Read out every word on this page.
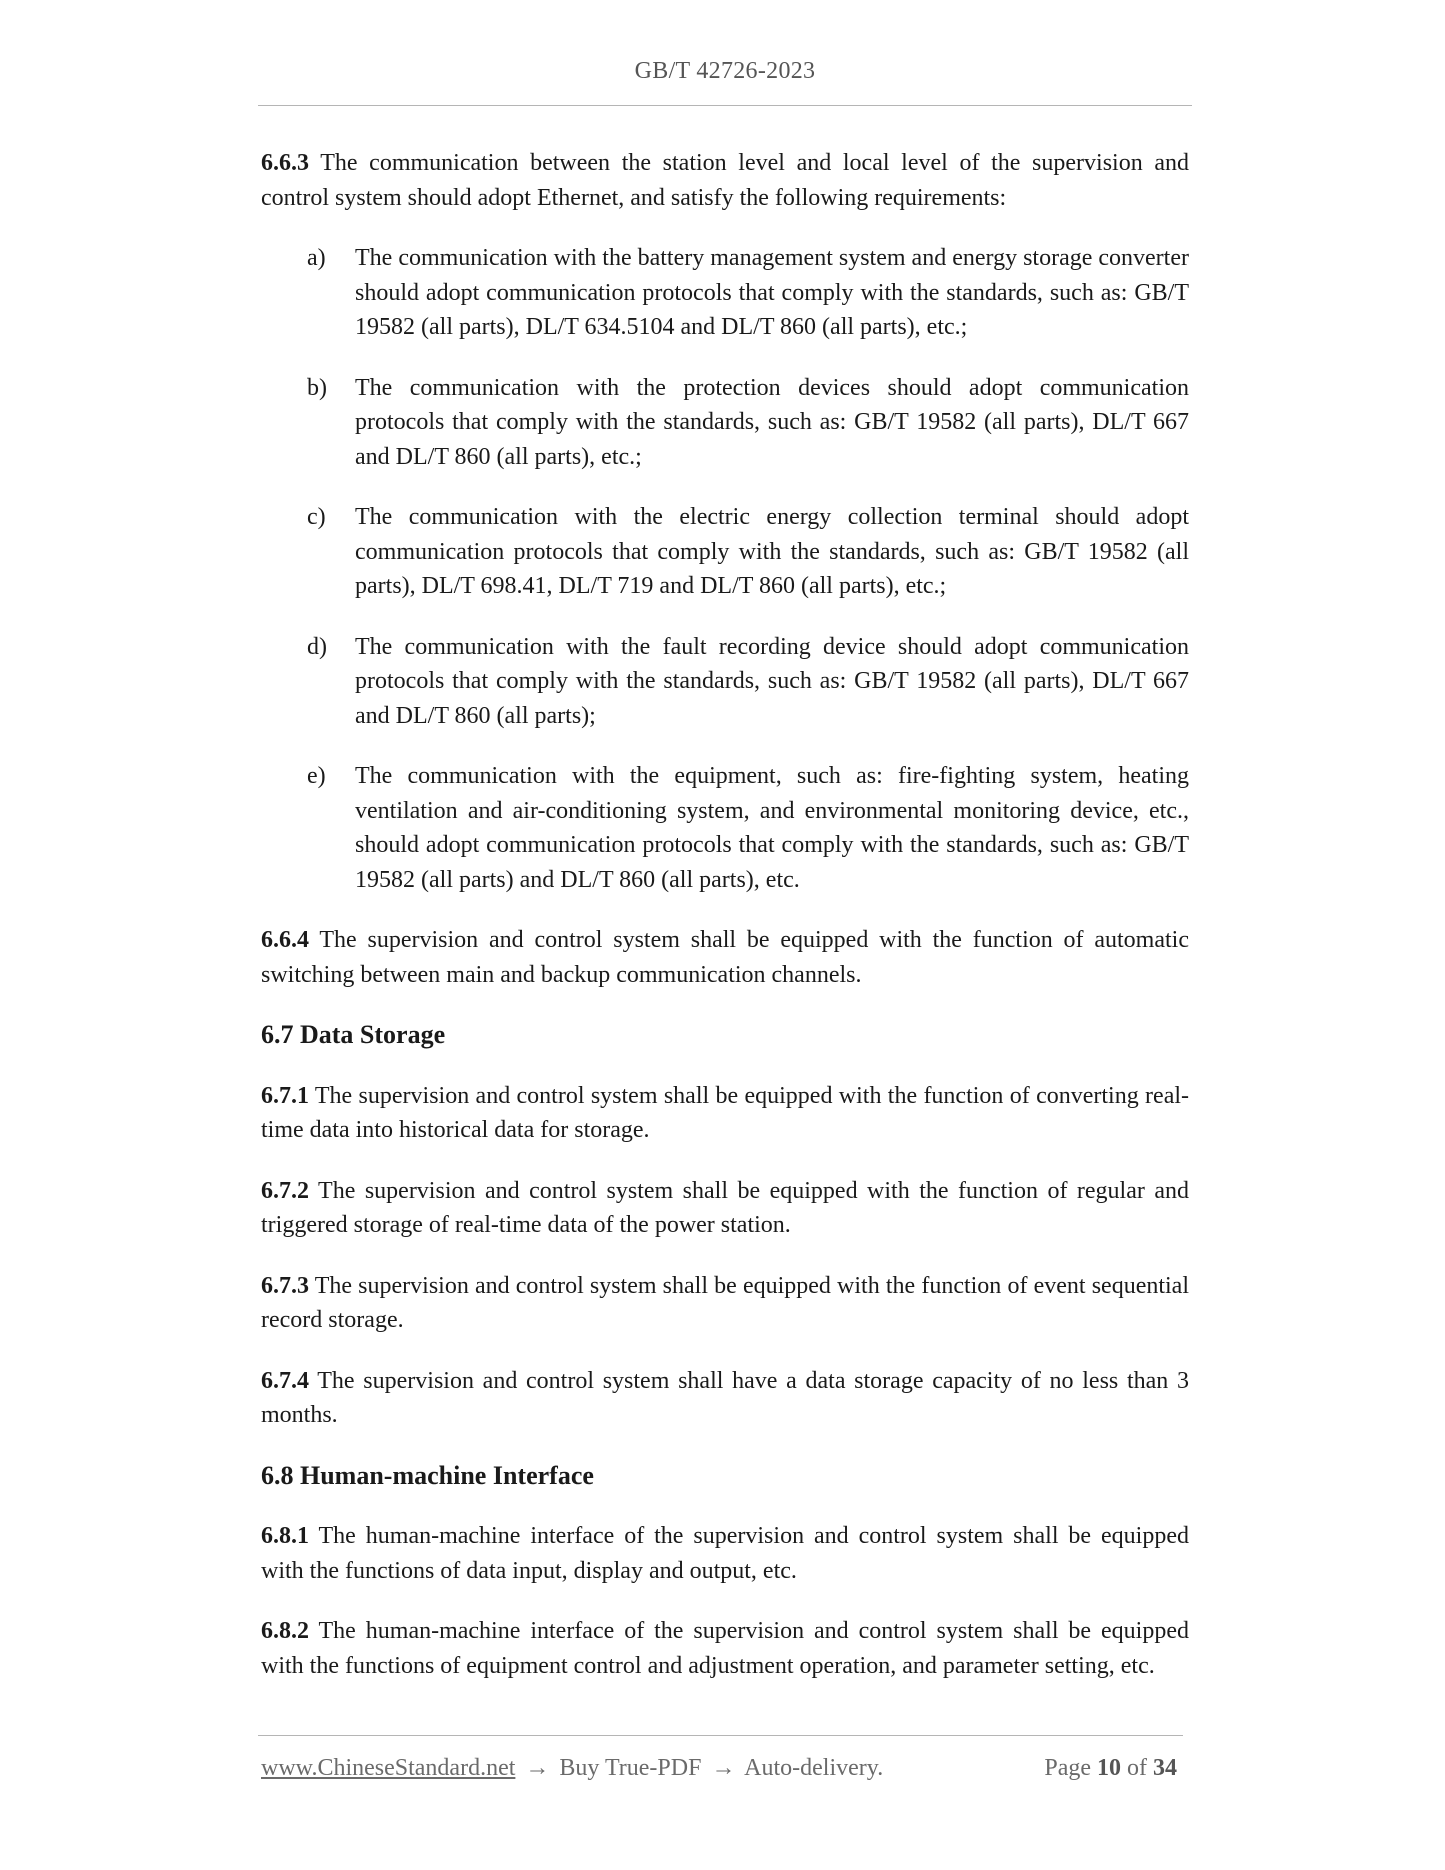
GB/T 42726-2023

6.6.3 The communication between the station level and local level of the supervision and control system should adopt Ethernet, and satisfy the following requirements:

a)	The communication with the battery management system and energy storage converter should adopt communication protocols that comply with the standards, such as: GB/T 19582 (all parts), DL/T 634.5104 and DL/T 860 (all parts), etc.;
b)	The communication with the protection devices should adopt communication protocols that comply with the standards, such as: GB/T 19582 (all parts), DL/T 667 and DL/T 860 (all parts), etc.;
c)	The communication with the electric energy collection terminal should adopt communication protocols that comply with the standards, such as: GB/T 19582 (all parts), DL/T 698.41, DL/T 719 and DL/T 860 (all parts), etc.;
d)	The communication with the fault recording device should adopt communication protocols that comply with the standards, such as: GB/T 19582 (all parts), DL/T 667 and DL/T 860 (all parts);
e)	The communication with the equipment, such as: fire-fighting system, heating ventilation and air-conditioning system, and environmental monitoring device, etc., should adopt communication protocols that comply with the standards, such as: GB/T 19582 (all parts) and DL/T 860 (all parts), etc.

6.6.4 The supervision and control system shall be equipped with the function of automatic switching between main and backup communication channels.

6.7 Data Storage

6.7.1 The supervision and control system shall be equipped with the function of converting real-time data into historical data for storage.

6.7.2 The supervision and control system shall be equipped with the function of regular and triggered storage of real-time data of the power station.

6.7.3 The supervision and control system shall be equipped with the function of event sequential record storage.

6.7.4 The supervision and control system shall have a data storage capacity of no less than 3 months.

6.8 Human-machine Interface

6.8.1 The human-machine interface of the supervision and control system shall be equipped with the functions of data input, display and output, etc.

6.8.2 The human-machine interface of the supervision and control system shall be equipped with the functions of equipment control and adjustment operation, and parameter setting, etc.

www.ChineseStandard.net → Buy True-PDF → Auto-delivery.	Page 10 of 34
